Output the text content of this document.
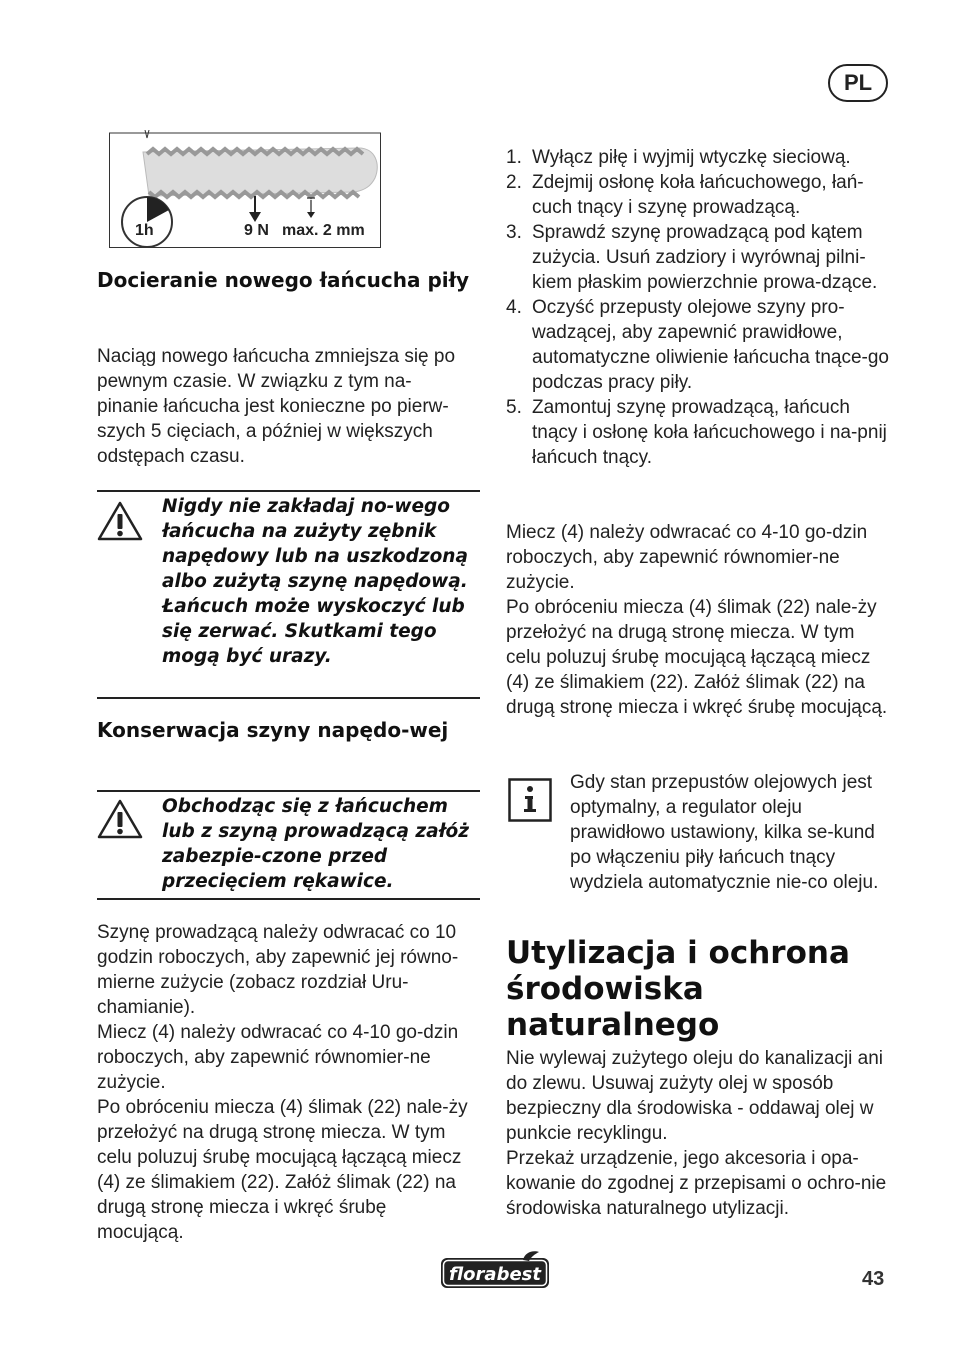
PL
1h	9 N max. 2 mm
Docieranie nowego łańcucha piły
Naciąg nowego łańcucha zmniejsza się po pewnym czasie. W związku z tym na-pinanie łańcucha jest konieczne po pierw-szych 5 cięciach, a później w większych odstępach czasu.
Nigdy nie zakładaj no-wego łańcucha na zużyty zębnik napędowy lub na uszkodzoną albo zużytą szynę napędową. Łańcuch może wyskoczyć lub się zerwać. Skutkami tego mogą być urazy.
Konserwacja szyny napędo-wej
Obchodząc się z łańcuchem lub z szyną prowadzącą załóż zabezpie-czone przed przecięciem rękawice.
Szynę prowadzącą należy odwracać co 10 godzin roboczych, aby zapewnić jej równo-mierne zużycie (zobacz rozdział Uru-chamianie).
Miecz (4) należy odwracać co 4-10 go-dzin roboczych, aby zapewnić równomier-ne zużycie.
Po obróceniu miecza (4) ślimak (22) nale-ży przełożyć na drugą stronę miecza. W tym celu poluzuj śrubę mocującą łączącą miecz (4) ze ślimakiem (22). Załóż ślimak (22) na drugą stronę miecza i wkręć śrubę mocującą.
1. Wyłącz piłę i wyjmij wtyczkę sieciową.
2. Zdejmij osłonę koła łańcuchowego, łań-cuch tnący i szynę prowadzącą.
3. Sprawdź szynę prowadzącą pod kątem zużycia. Usuń zadziory i wyrównaj pilni-kiem płaskim powierzchnie prowa-dzące.
4. Oczyść przepusty olejowe szyny pro-wadzącej, aby zapewnić prawidłowe, automatyczne oliwienie łańcucha tnące-go podczas pracy piły.
5. Zamontuj szynę prowadzącą, łańcuch tnący i osłonę koła łańcuchowego i na-pnij łańcuch tnący.
Miecz (4) należy odwracać co 4-10 go-dzin roboczych, aby zapewnić równomier-ne zużycie.
Po obróceniu miecza (4) ślimak (22) nale-ży przełożyć na drugą stronę miecza. W tym celu poluzuj śrubę mocującą łączącą miecz (4) ze ślimakiem (22). Załóż ślimak (22) na drugą stronę miecza i wkręć śrubę mocującą.
Gdy stan przepustów olejowych jest optymalny, a regulator oleju prawidłowo ustawiony, kilka se-kund po włączeniu piły łańcuch tnący wydziela automatycznie nie-co oleju.
Utylizacja i ochrona środowiska naturalnego
Nie wylewaj zużytego oleju do kanalizacji ani do zlewu. Usuwaj zużyty olej w sposób bezpieczny dla środowiska - oddawaj olej w punkcie recyklingu.
Przekaż urządzenie, jego akcesoria i opa-kowanie do zgodnej z przepisami o ochro-nie środowiska naturalnego utylizacji.
florabest	43
